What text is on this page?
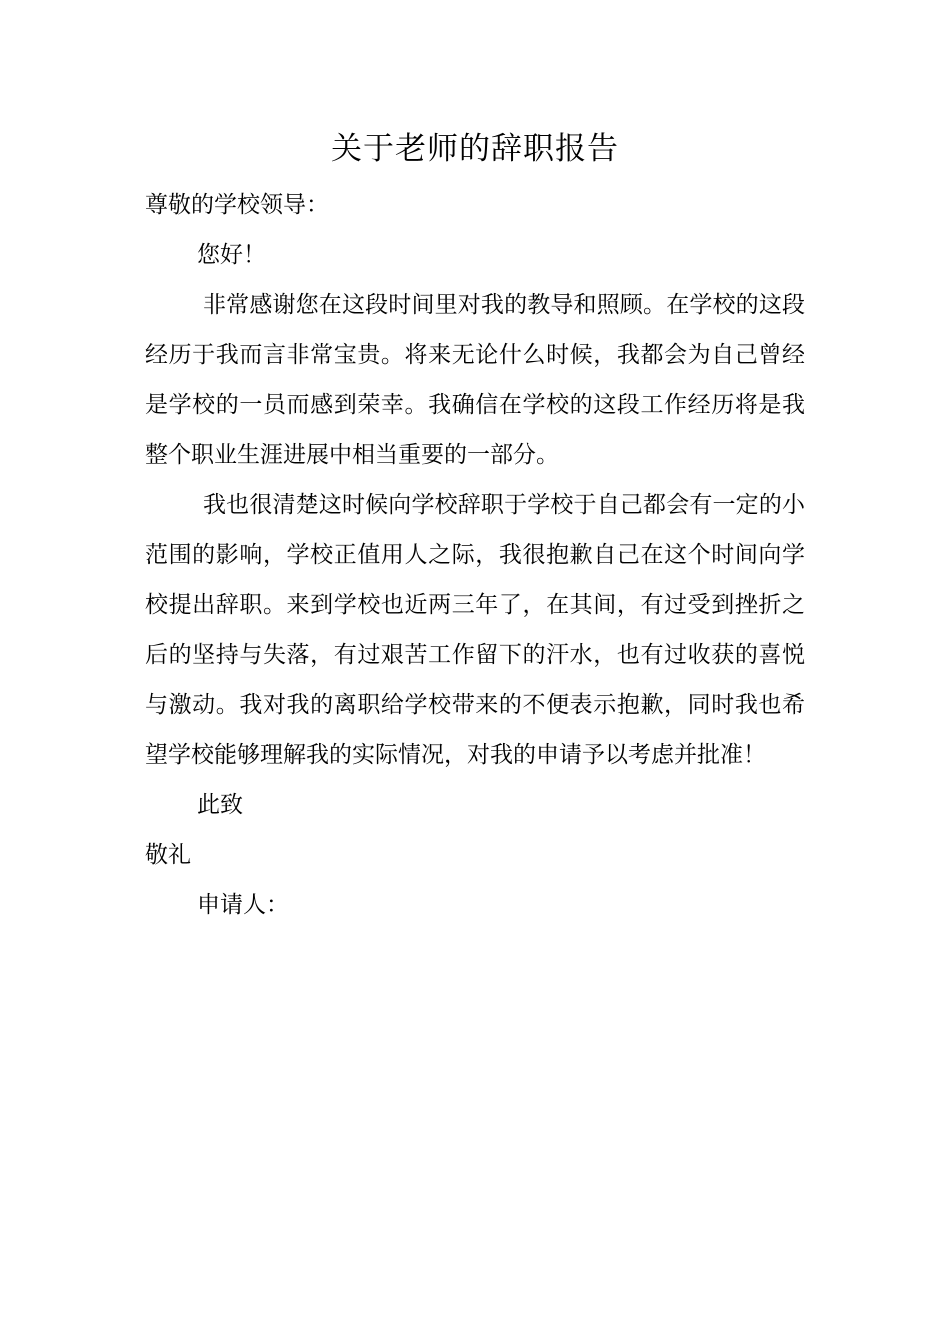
关于老师的辞职报告

尊敬的学校领导：

您好！

非常感谢您在这段时间里对我的教导和照顾。在学校的这段经历于我而言非常宝贵。将来无论什么时候，我都会为自己曾经是学校的一员而感到荣幸。我确信在学校的这段工作经历将是我整个职业生涯进展中相当重要的一部分。

我也很清楚这时候向学校辞职于学校于自己都会有一定的小范围的影响，学校正值用人之际，我很抱歉自己在这个时间向学校提出辞职。来到学校也近两三年了，在其间，有过受到挫折之后的坚持与失落，有过艰苦工作留下的汗水，也有过收获的喜悦与激动。我对我的离职给学校带来的不便表示抱歉，同时我也希望学校能够理解我的实际情况，对我的申请予以考虑并批准！

此致

敬礼

申请人：
